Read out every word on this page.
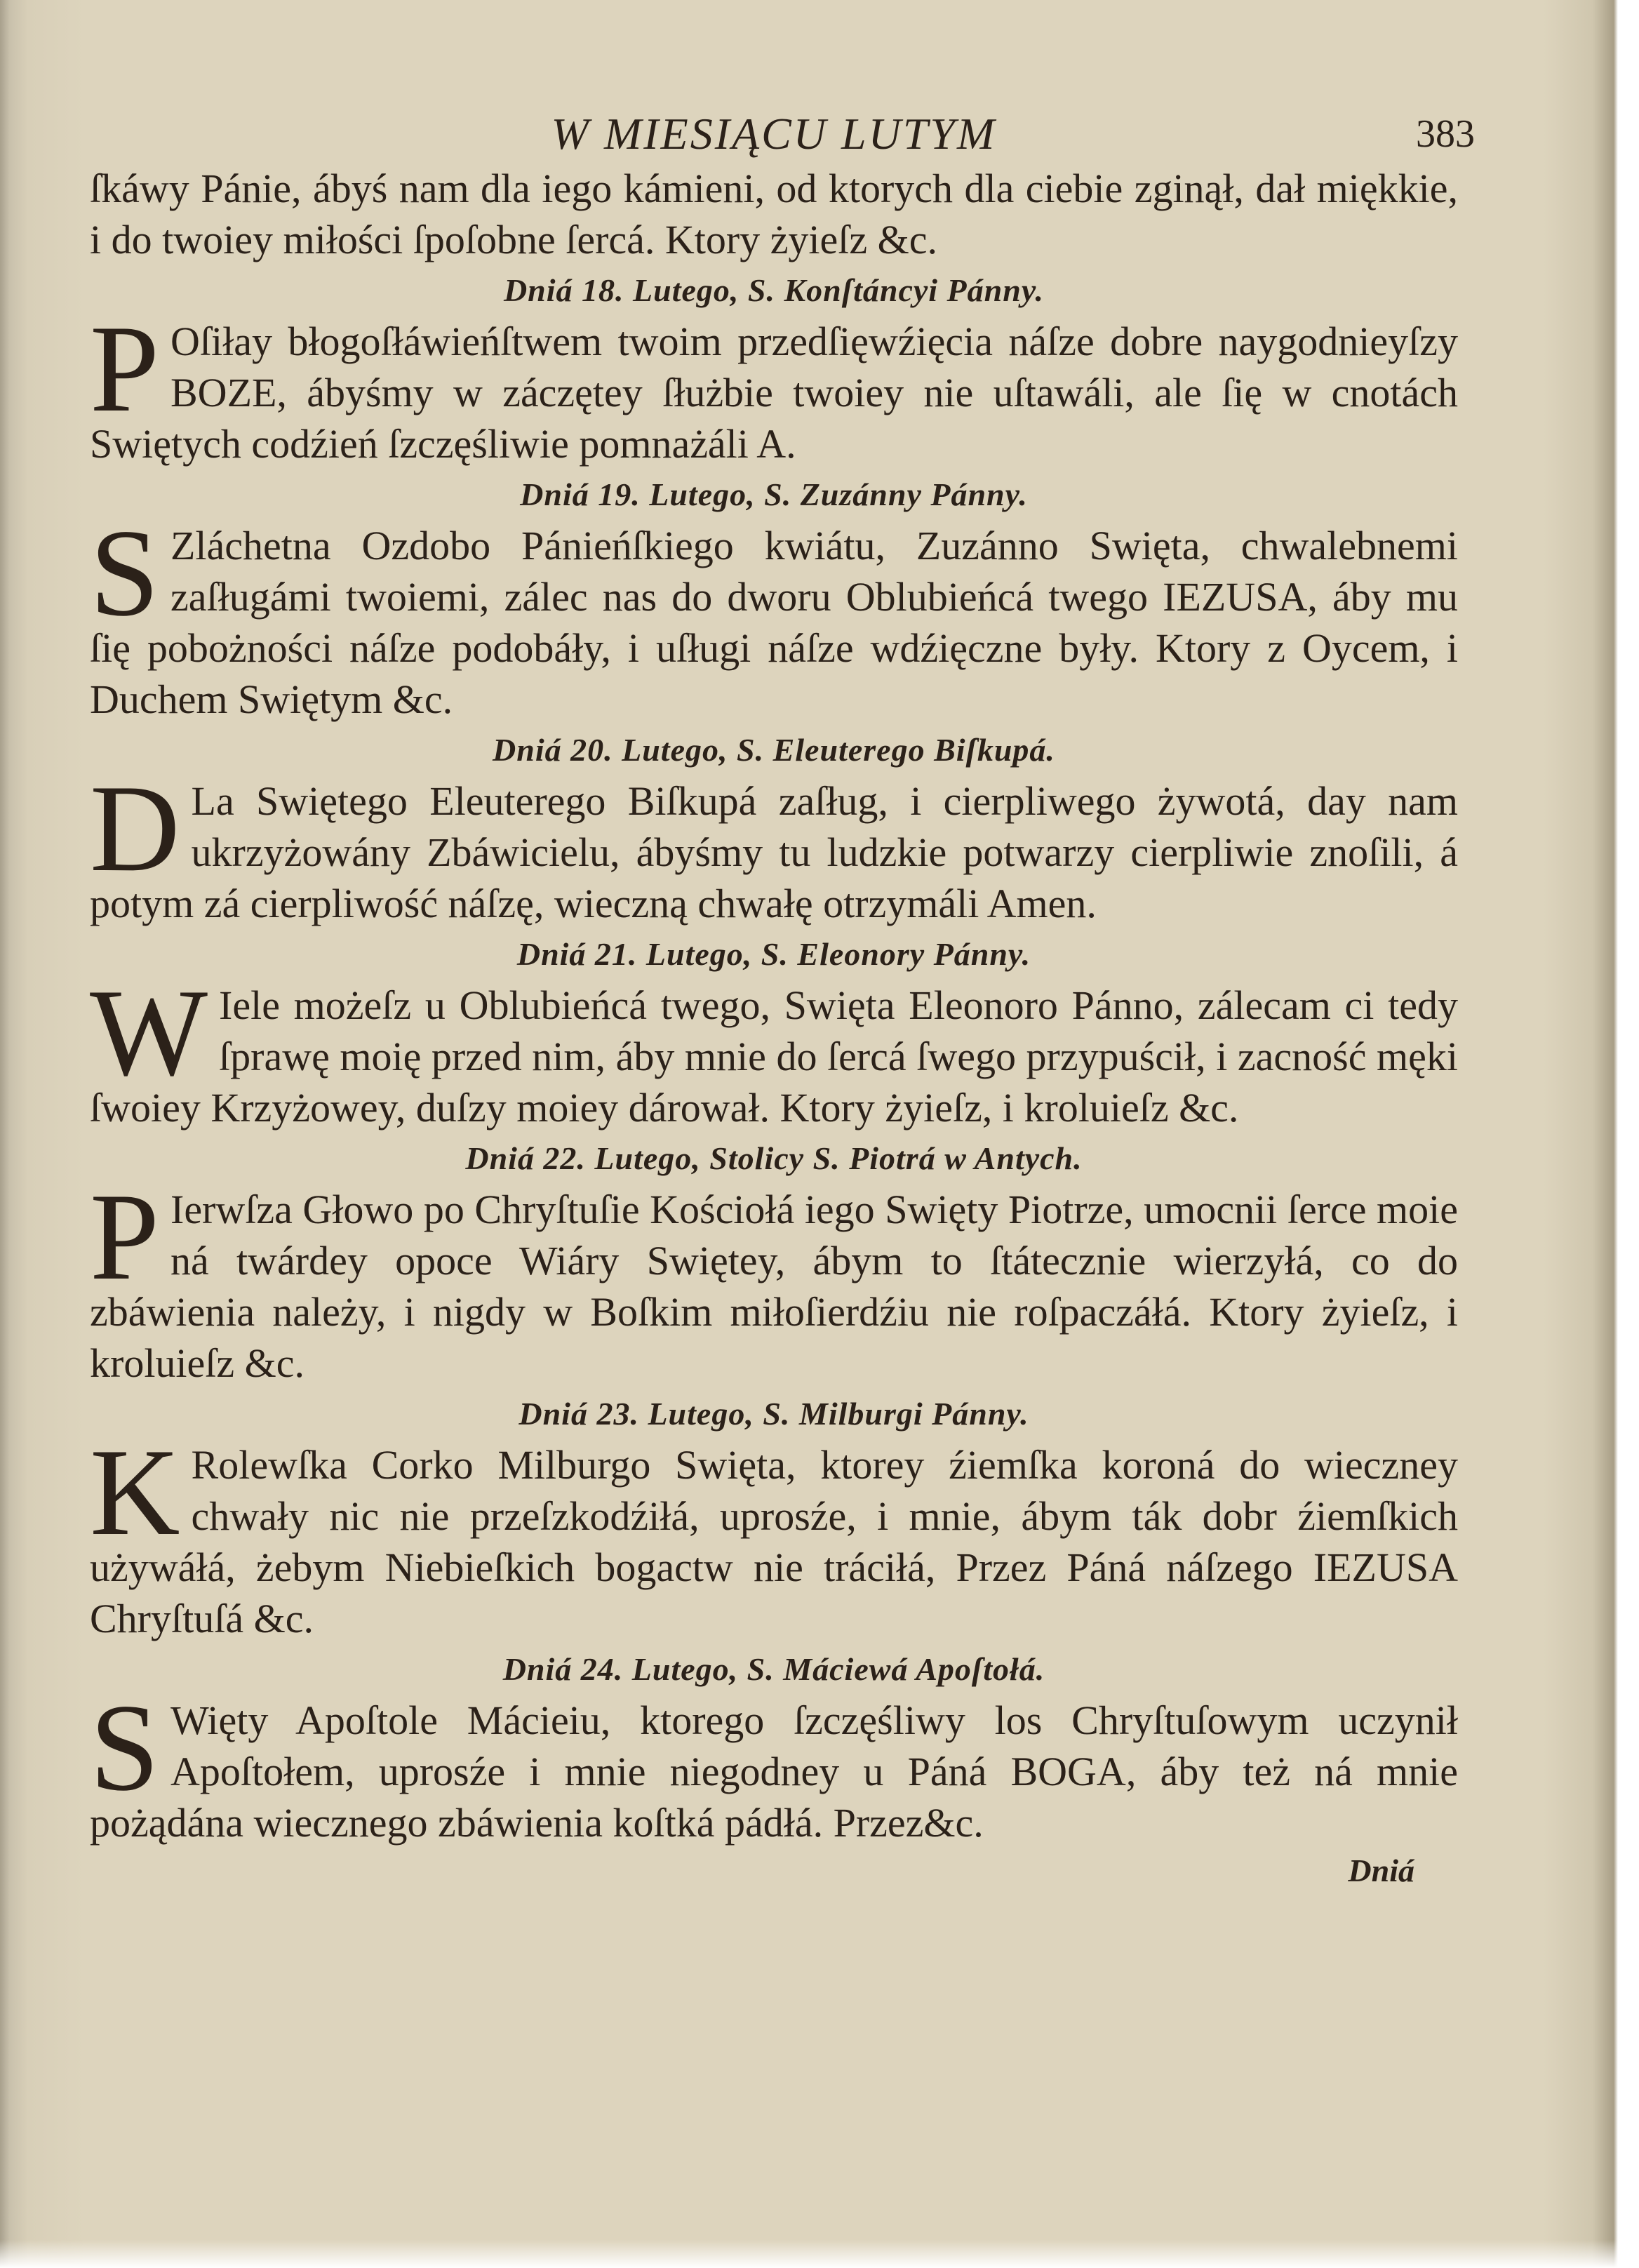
W MIESIĄCU LUTYM	383
ſkáwy Pánie, ábyś nam dla iego kámieni, od ktorych dla ciebie zginął, dał miękkie, i do twoiey miłości ſpoſobne ſercá. Ktory żyieſz &c.
Dniá 18. Lutego, S. Konſtáncyi Pánny.
P Oſiłay błogoſłáwieńſtwem twoim przedſięwźięcia náſze dobre naygodnieyſzy BOZE, ábyśmy w záczętey ſłużbie twoiey nie uſtawáli, ale ſię w cnotách Swiętych codźień ſzczęśliwie pomnażáli A.
Dniá 19. Lutego, S. Zuzánny Pánny.
S Zláchetna Ozdobo Pánieńſkiego kwiátu, Zuzánno Swięta, chwalebnemi zaſługámi twoiemi, zálec nas do dworu Oblubieńcá twego IEZUSA, áby mu ſię pobożności náſze podobáły, i uſługi náſze wdźięczne były. Ktory z Oycem, i Duchem Swiętym &c.
Dniá 20. Lutego, S. Eleuterego Biſkupá.
D La Swiętego Eleuterego Biſkupá zaſług, i cierpliwego żywotá, day nam ukrzyżowány Zbáwicielu, ábyśmy tu ludzkie potwarzy cierpliwie znoſili, á potym zá cierpliwość náſzę, wieczną chwałę otrzymáli Amen.
Dniá 21. Lutego, S. Eleonory Pánny.
W Iele możeſz u Oblubieńcá twego, Swięta Eleonoro Pánno, zálecam ci tedy ſprawę moię przed nim, áby mnie do ſercá ſwego przypuścił, i zacność męki ſwoiey Krzyżowey, duſzy moiey dárował. Ktory żyieſz, i kroluieſz &c.
Dniá 22. Lutego, Stolicy S. Piotrá w Antych.
P Ierwſza Głowo po Chryſtuſie Kościołá iego Swięty Piotrze, umocnii ſerce moie ná twárdey opoce Wiáry Swiętey, ábym to ſtátecznie wierzyłá, co do zbáwienia należy, i nigdy w Boſkim miłoſierdźiu nie roſpaczáłá. Ktory żyieſz, i kroluieſz &c.
Dniá 23. Lutego, S. Milburgi Pánny.
K Rolewſka Corko Milburgo Swięta, ktorey źiemſka koroná do wieczney chwały nic nie przeſzkodźiłá, uprosźe, i mnie, ábym ták dobr źiemſkich używáłá, żebym Niebieſkich bogactw nie tráciłá, Przez Páná náſzego IEZUSA Chryſtuſá &c.
Dniá 24. Lutego, S. Máciewá Apoſtołá.
S Więty Apoſtole Mácieiu, ktorego ſzczęśliwy los Chryſtuſowym uczynił Apoſtołem, uprosźe i mnie niegodney u Páná BOGA, áby też ná mnie pożądána wiecznego zbáwienia koſtká pádłá. Przez&c.
Dniá
